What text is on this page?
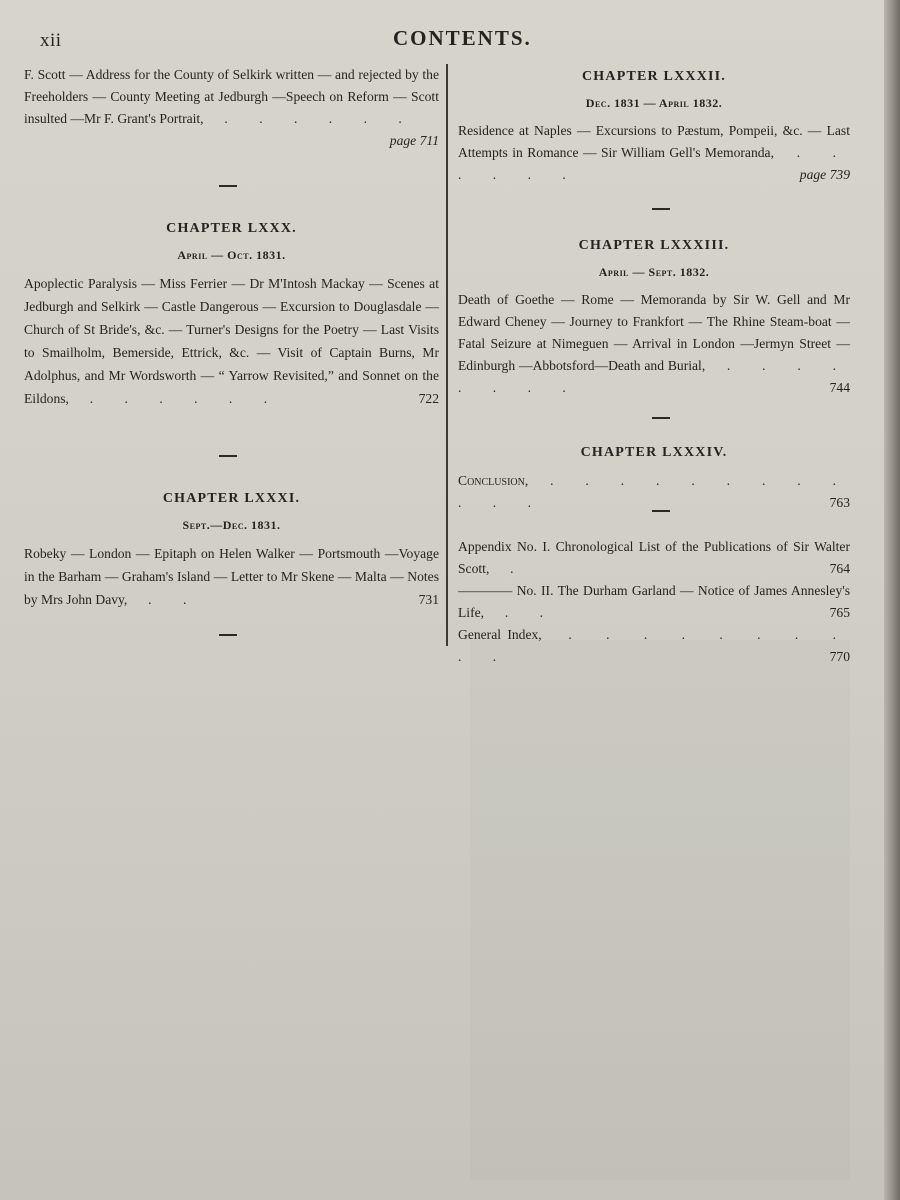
xii	CONTENTS.
F. Scott — Address for the County of Selkirk written — and rejected by the Freeholders — County Meeting at Jedburgh —Speech on Reform — Scott insulted —Mr F. Grant's Portrait,  . . . . . .
page 711
CHAPTER LXXX.
April — Oct. 1831.
Apoplectic Paralysis — Miss Ferrier — Dr M'Intosh Mackay — Scenes at Jedburgh and Selkirk — Castle Dangerous — Excursion to Douglasdale — Church of St Bride's, &c. — Turner's Designs for the Poetry — Last Visits to Smailholm, Bemerside, Ettrick, &c. — Visit of Captain Burns, Mr Adolphus, and Mr Wordsworth — “ Yarrow Revisited,” and Sonnet on the Eildons,  . . . . . .	722
CHAPTER LXXXI.
Sept.—Dec. 1831.
Robeky — London — Epitaph on Helen Walker — Portsmouth —Voyage in the Barham — Graham's Island — Letter to Mr Skene — Malta — Notes by Mrs John Davy,  . .	731
CHAPTER LXXXII.
Dec. 1831 — April 1832.
Residence at Naples — Excursions to Pæstum, Pompeii, &c. — Last Attempts in Romance — Sir William Gell's Memoranda,  . . . . . .	page 739
CHAPTER LXXXIII.
April — Sept. 1832.
Death of Goethe — Rome — Memoranda by Sir W. Gell and Mr Edward Cheney — Journey to Frankfort — The Rhine Steam-boat — Fatal Seizure at Nimeguen — Arrival in London —Jermyn Street —Edinburgh —Abbotsford—Death and Burial,  . . . . . . . .	744
CHAPTER LXXXIV.
Conclusion,  . . . . . . . . . . . .	763
Appendix No. I. Chronological List of the Publications of Sir Walter Scott,  .	764
———— No. II. The Durham Garland — Notice of James Annesley's Life,  . .	765
General Index,  . . . . . . . . . .	770
